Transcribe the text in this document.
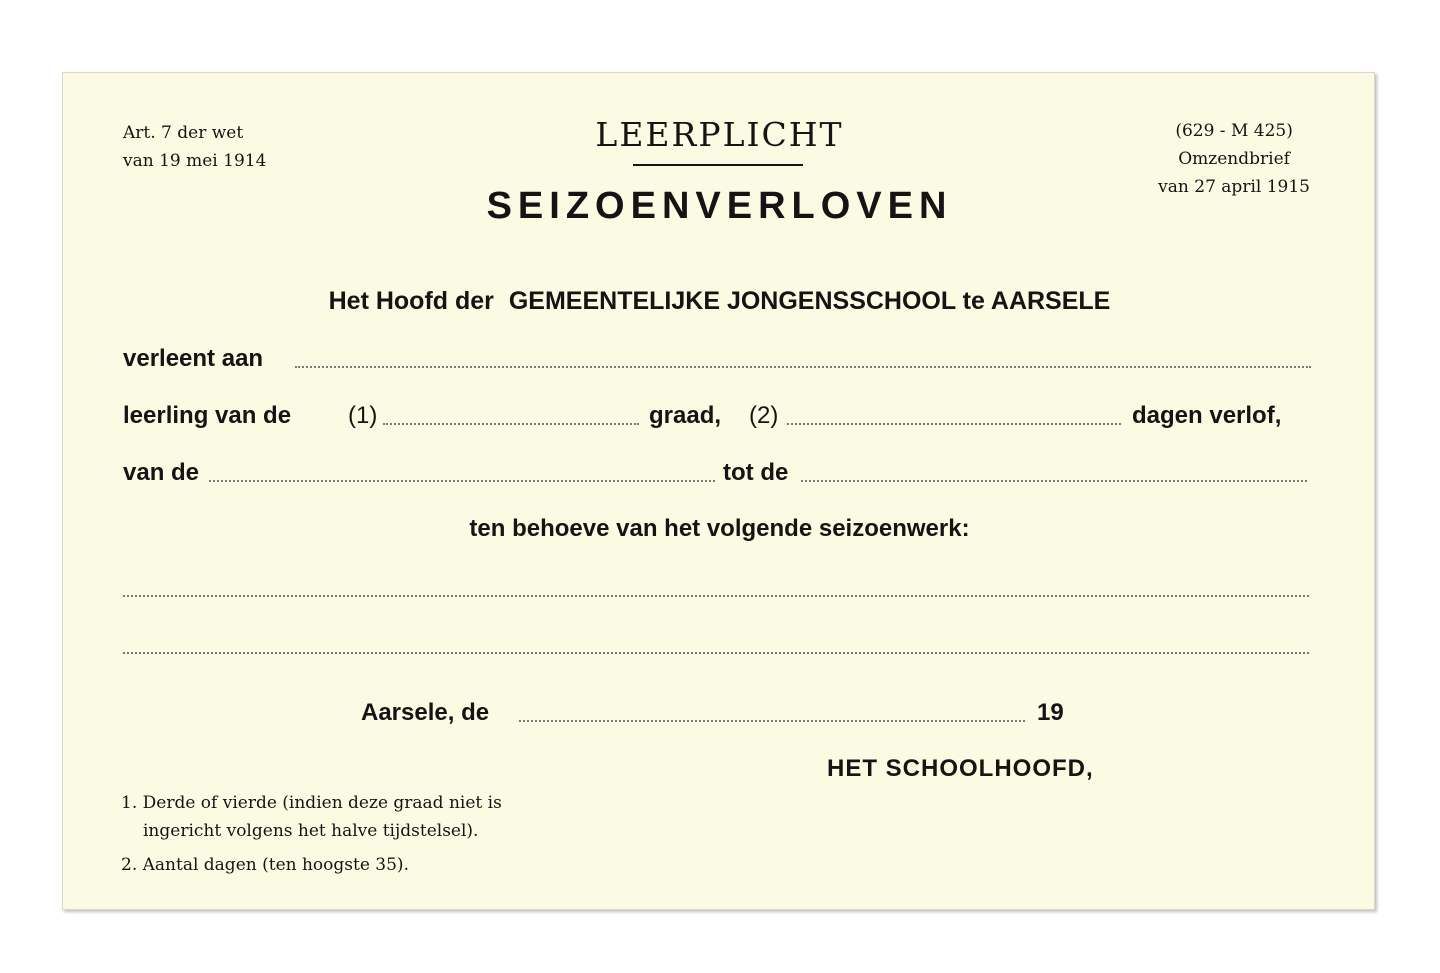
Art. 7 der wet
van 19 mei 1914
(629 - M 425)
Omzendbrief
van 27 april 1915
LEERPLICHT
SEIZOENVERLOVEN
Het Hoofd der GEMEENTELIJKE JONGENSSCHOOL te AARSELE
verleent aan
leerling van de (1)	graad, (2)	dagen verlof,
van de	tot de
ten behoeve van het volgende seizoenwerk:
Aarsele, de	19
HET SCHOOLHOOFD,
1. Derde of vierde (indien deze graad niet is
ingericht volgens het halve tijdstelsel).
2. Aantal dagen (ten hoogste 35).
